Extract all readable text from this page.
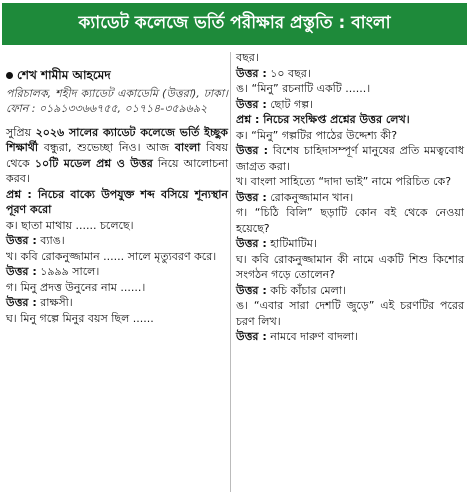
ক্যাডেট কলেজে ভর্তি পরীক্ষার প্রস্তুতি : বাংলা

শেখ শামীম আহমেদ

পরিচালক, শহীদ ক্যাডেট একাডেমি (উত্তরা), ঢাকা। ফোন : ০১৯১৩৩৬৬৭৫৫, ০১৭১৪-৩৫৯৬৯২

সুপ্রিয় ২০২৬ সালের ক্যাডেট কলেজে ভর্তি ইচ্ছুক শিক্ষার্থী বন্ধুরা, শুভেচ্ছা নিও। আজ বাংলা বিষয় থেকে ১০টি মডেল প্রশ্ন ও উত্তর নিয়ে আলোচনা করব।

প্রশ্ন : নিচের বাক্যে উপযুক্ত শব্দ বসিয়ে শূন্যস্থান পূরণ করো

ক। ছাতা মাথায় ...... চলেছে।

উত্তর : ব্যাঙ।

খ। কবি রোকনুজ্জামান ...... সালে মৃত্যুবরণ করে।

উত্তর : ১৯৯৯ সালে।

গ। মিনু প্রদত্ত উনুনের নাম ......।

উত্তর : রাক্ষসী।

ঘ। মিনু গল্পে মিনুর বয়স ছিল ......

বছর।

উত্তর : ১০ বছর।

ঙ। “মিনু” রচনাটি একটি ......।

উত্তর : ছোট গল্প।

প্রশ্ন : নিচের সংক্ষিপ্ত প্রশ্নের উত্তর লেখ।

ক। “মিনু” গল্পটির পাঠের উদ্দেশ্য কী?

উত্তর : বিশেষ চাহিদাসম্পূর্ণ মানুষের প্রতি মমত্ববোধ জাগ্রত করা।

খ। বাংলা সাহিত্যে “দাদা ভাই” নামে পরিচিত কে?

উত্তর : রোকনুজ্জামান খান।

গ। “চিঠি বিলি” ছড়াটি কোন বই থেকে নেওয়া হয়েছে?

উত্তর : হাটিমাটিম।

ঘ। কবি রোকনুজ্জামান কী নামে একটি শিশু কিশোর সংগঠন গড়ে তোলেন?

উত্তর : কচি কাঁচার মেলা।

ঙ। “এবার সারা দেশটি জুড়ে” এই চরণটির পরের চরণ লিখ।

উত্তর : নামবে দারুণ বাদলা।
